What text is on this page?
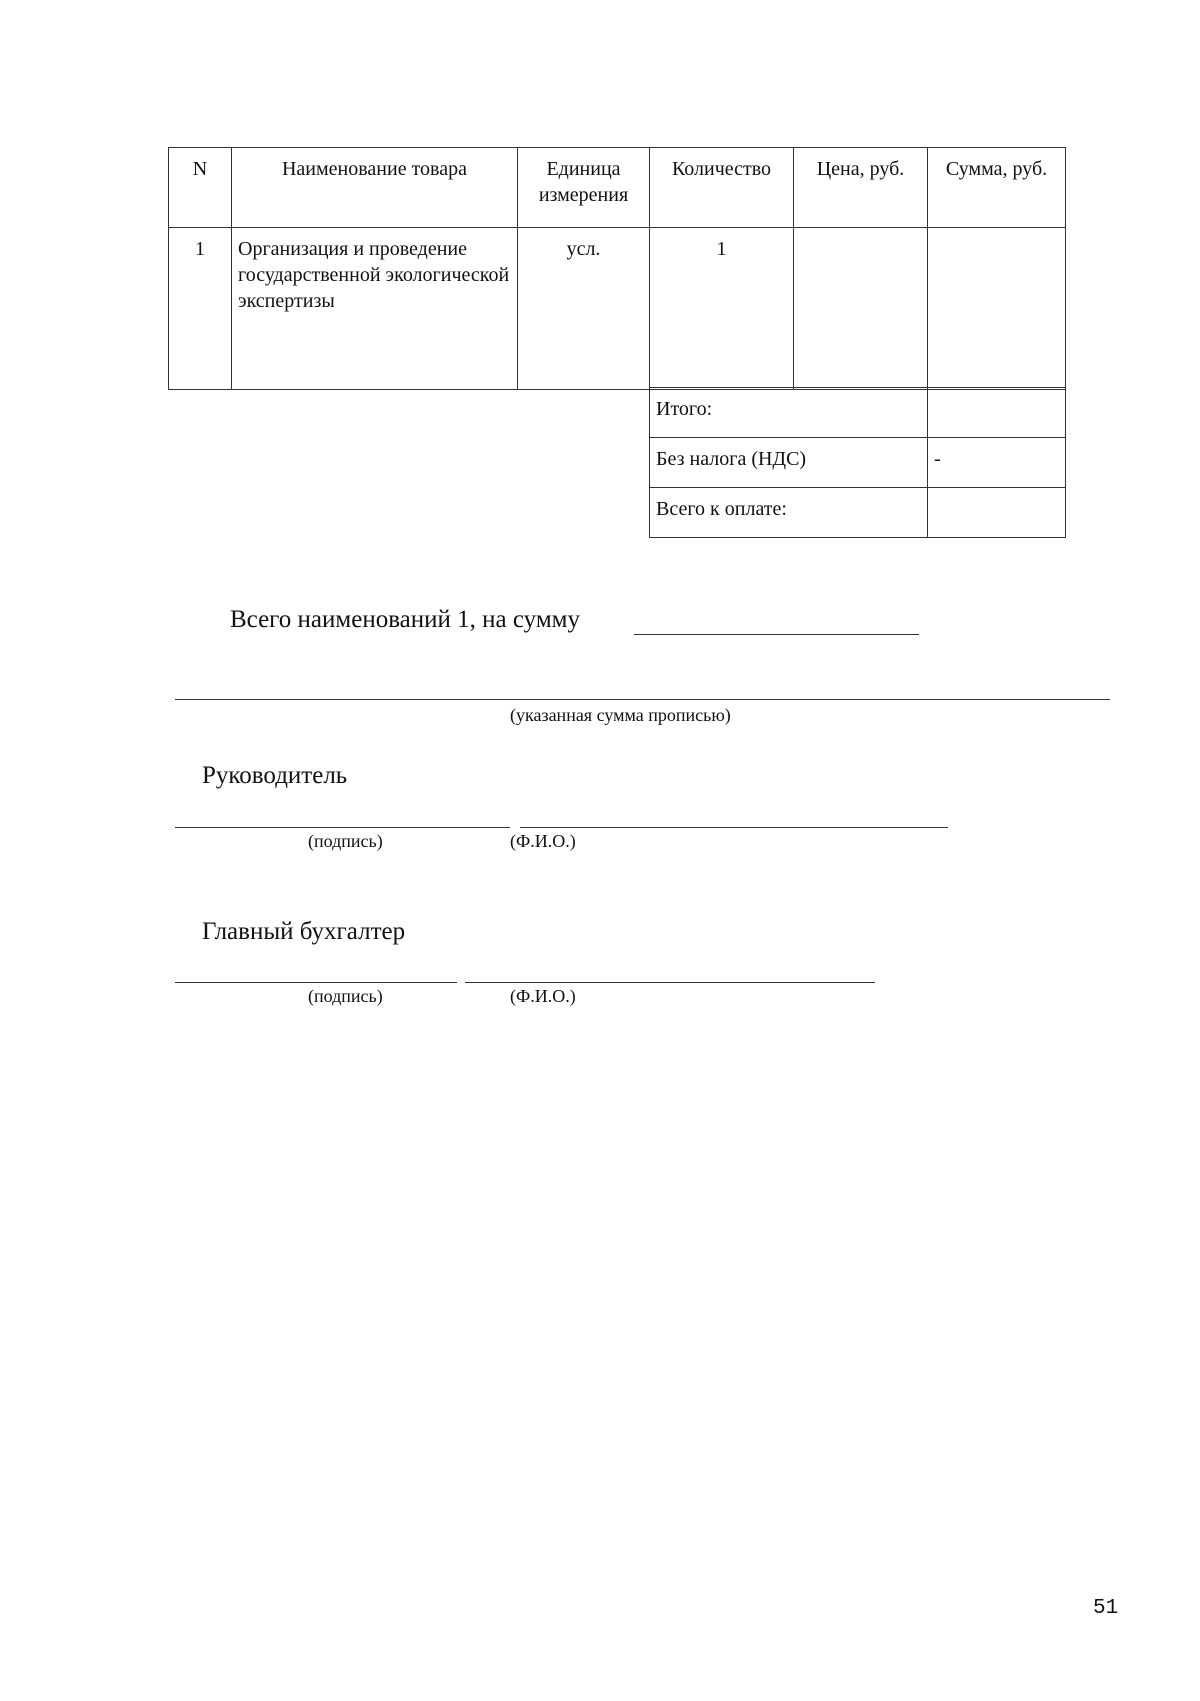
N	Наименование товара	Единица измерения	Количество	Цена, руб.	Сумма, руб.
1	Организация и проведение государственной экологической экспертизы	усл.	1		
Итого:	
Без налога (НДС)	-
Всего к оплате:	
Всего наименований 1, на сумму
(указанная сумма прописью)
Руководитель
(подпись)	(Ф.И.О.)
Главный бухгалтер
(подпись)	(Ф.И.О.)
51
